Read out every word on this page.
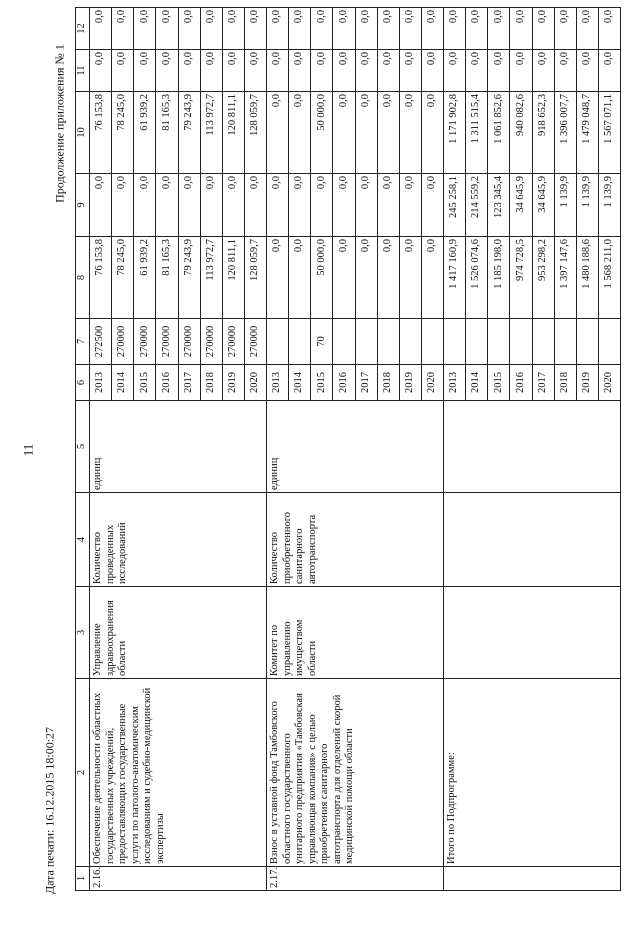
11
Продолжение приложения № 1
Дата печати: 16.12.2015 18:00:27 1	2	3	4	5	6	7	8	9	10	11	12
2.16.	Обеспечение деятельности областных государственных учреждений, предоставляющих государственные услуги по патолого-анатомическим исследованиям и судебно-медицинской экспертизы	Управление здравоохранения области	Количество проведенных исследований	единиц	2013	272500	76 153,8	0,0	76 153,8	0,0	0,0
					2014	270000	78 245,0	0,0	78 245,0	0,0	0,0
					2015	270000	61 939,2	0,0	61 939,2	0,0	0,0
					2016	270000	81 165,3	0,0	81 165,3	0,0	0,0
					2017	270000	79 243,9	0,0	79 243,9	0,0	0,0
					2018	270000	113 972,7	0,0	113 972,7	0,0	0,0
					2019	270000	120 811,1	0,0	120 811,1	0,0	0,0
					2020	270000	128 059,7	0,0	128 059,7	0,0	0,0
2.17.	Взнос в уставной фонд Тамбовского областного государственного унитарного предприятия «Тамбовская управляющая компания» с целью приобретения санитарного автотранспорта для отделений скорой медицинской помощи области	Комитет по управлению имуществом области	Количество приобретенного санитарного автотранспорта	единиц	2013		0,0	0,0	0,0	0,0	0,0
					2014		0,0	0,0	0,0	0,0	0,0
					2015	70	50 000,0	0,0	50 000,0	0,0	0,0
					2016		0,0	0,0	0,0	0,0	0,0
					2017		0,0	0,0	0,0	0,0	0,0
					2018		0,0	0,0	0,0	0,0	0,0
					2019		0,0	0,0	0,0	0,0	0,0
					2020		0,0	0,0	0,0	0,0	0,0
	Итого по Подпрограмме:				2013		1 417 160,9	245 258,1	1 171 902,8	0,0	0,0
					2014		1 526 074,6	214 559,2	1 311 515,4	0,0	0,0
					2015		1 185 198,0	123 345,4	1 061 852,6	0,0	0,0
					2016		974 728,5	34 645,9	940 082,6	0,0	0,0
					2017		953 298,2	34 645,9	918 652,3	0,0	0,0
					2018		1 397 147,6	1 139,9	1 396 007,7	0,0	0,0
					2019		1 480 188,6	1 139,9	1 479 048,7	0,0	0,0
					2020		1 568 211,0	1 139,9	1 567 071,1	0,0	0,0
